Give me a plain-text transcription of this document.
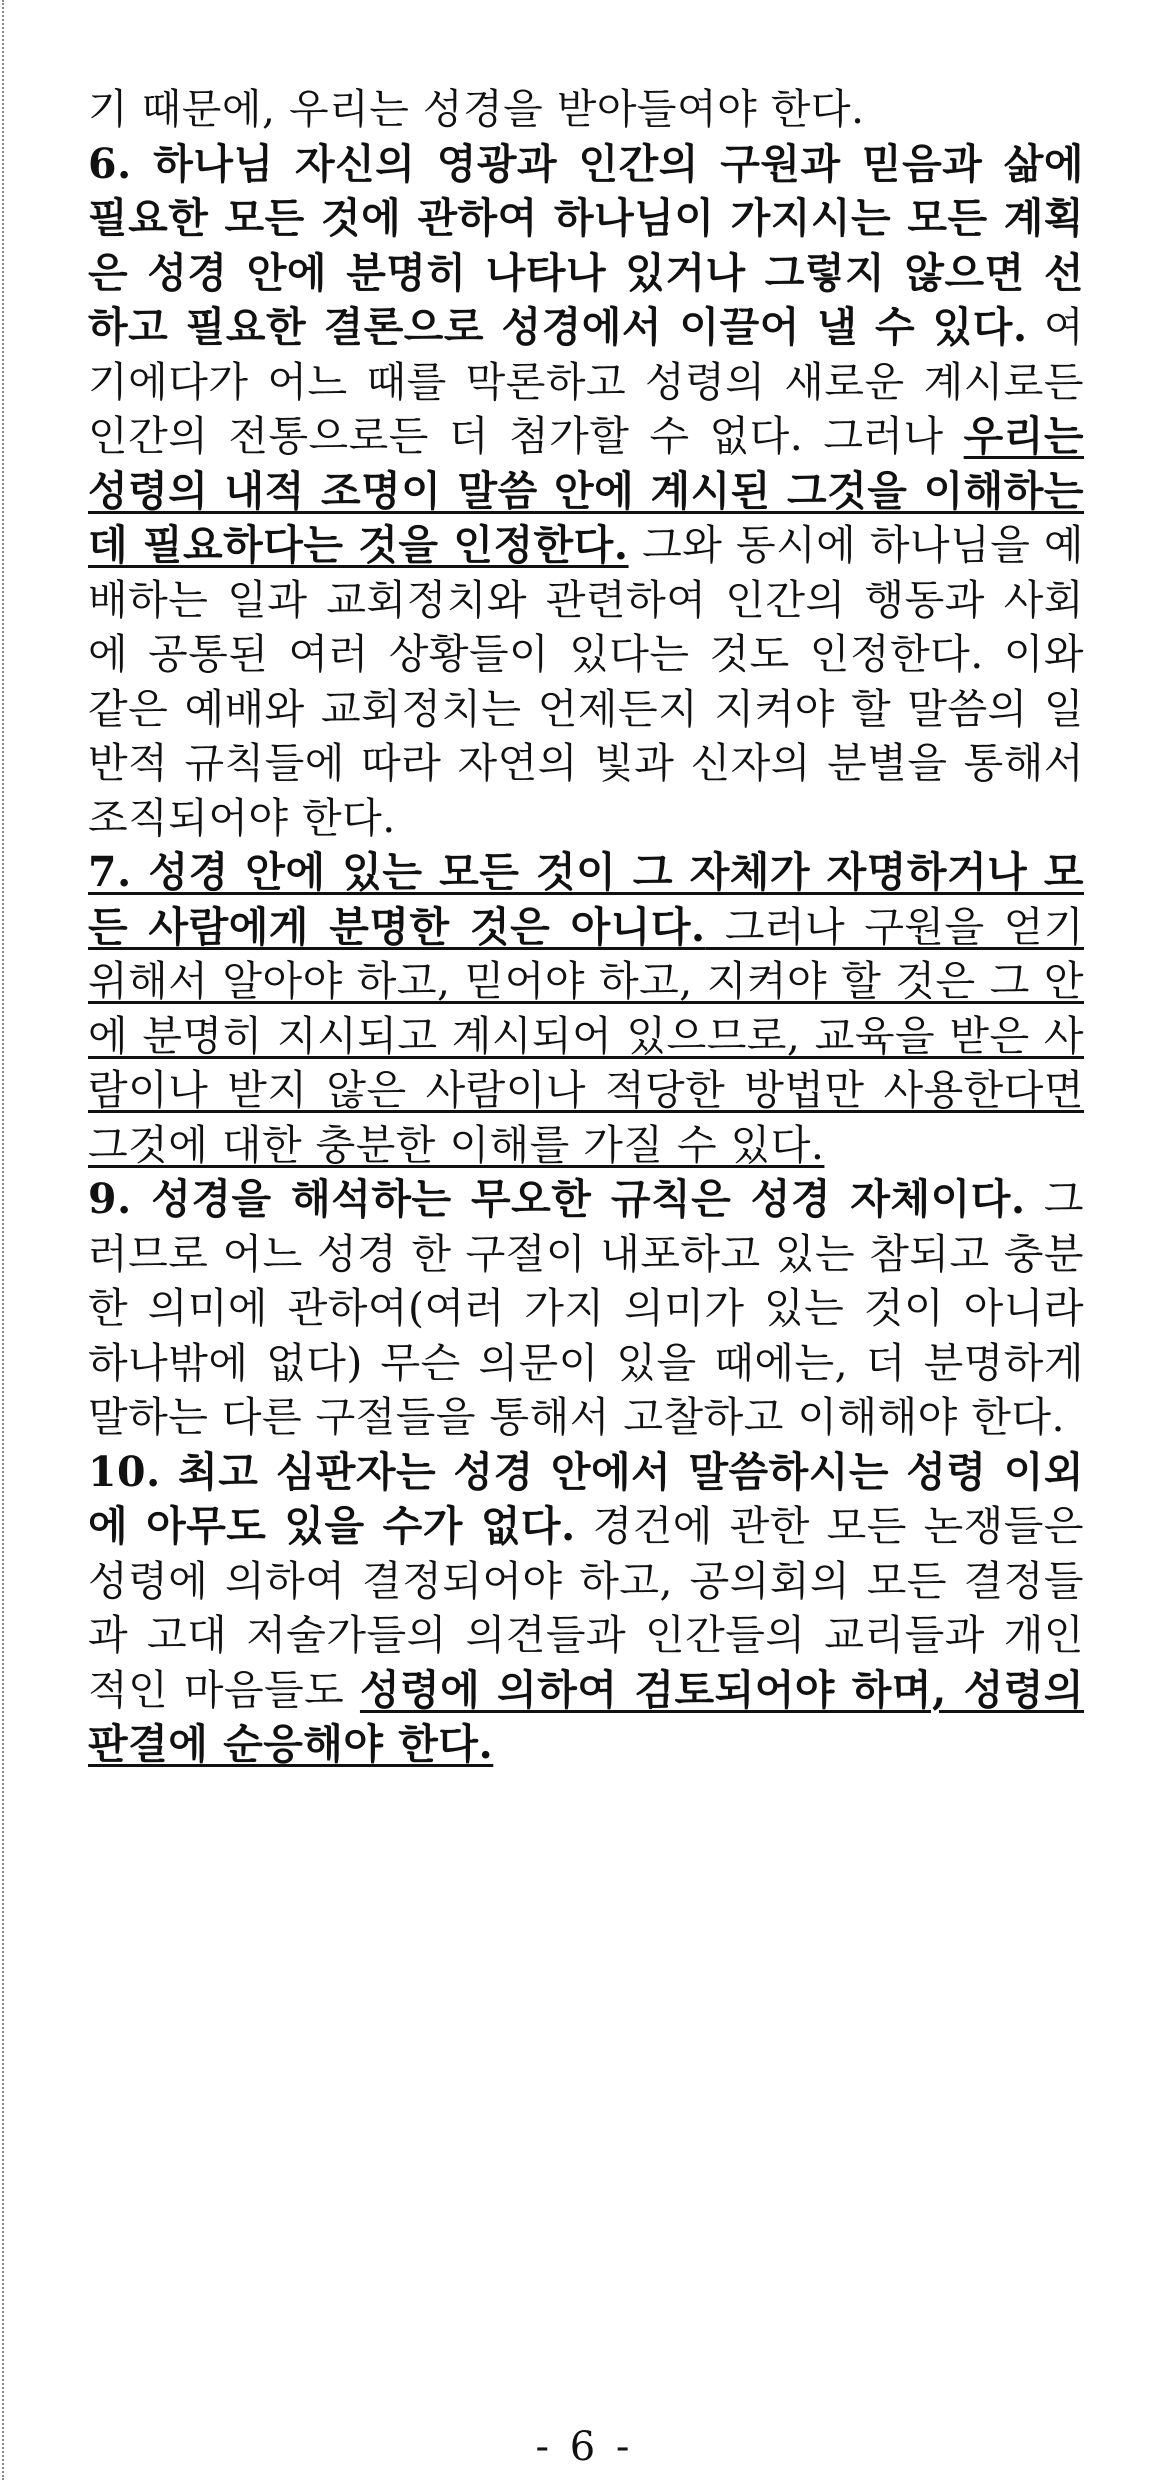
기 때문에, 우리는 성경을 받아들여야 한다.

6. 하나님 자신의 영광과 인간의 구원과 믿음과 삶에 필요한 모든 것에 관하여 하나님이 가지시는 모든 계획은 성경 안에 분명히 나타나 있거나 그렇지 않으면 선하고 필요한 결론으로 성경에서 이끌어 낼 수 있다. 여기에다가 어느 때를 막론하고 성령의 새로운 계시로든 인간의 전통으로든 더 첨가할 수 없다. 그러나 우리는 성령의 내적 조명이 말씀 안에 계시된 그것을 이해하는 데 필요하다는 것을 인정한다. 그와 동시에 하나님을 예배하는 일과 교회정치와 관련하여 인간의 행동과 사회에 공통된 여러 상황들이 있다는 것도 인정한다. 이와 같은 예배와 교회정치는 언제든지 지켜야 할 말씀의 일반적 규칙들에 따라 자연의 빛과 신자의 분별을 통해서 조직되어야 한다.

7. 성경 안에 있는 모든 것이 그 자체가 자명하거나 모든 사람에게 분명한 것은 아니다. 그러나 구원을 얻기 위해서 알아야 하고, 믿어야 하고, 지켜야 할 것은 그 안에 분명히 지시되고 계시되어 있으므로, 교육을 받은 사람이나 받지 않은 사람이나 적당한 방법만 사용한다면 그것에 대한 충분한 이해를 가질 수 있다.

9. 성경을 해석하는 무오한 규칙은 성경 자체이다. 그러므로 어느 성경 한 구절이 내포하고 있는 참되고 충분한 의미에 관하여(여러 가지 의미가 있는 것이 아니라 하나밖에 없다) 무슨 의문이 있을 때에는, 더 분명하게 말하는 다른 구절들을 통해서 고찰하고 이해해야 한다.

10. 최고 심판자는 성경 안에서 말씀하시는 성령 이외에 아무도 있을 수가 없다. 경건에 관한 모든 논쟁들은 성령에 의하여 결정되어야 하고, 공의회의 모든 결정들과 고대 저술가들의 의견들과 인간들의 교리들과 개인적인 마음들도 성령에 의하여 검토되어야 하며, 성령의 판결에 순응해야 한다.

- 6 -
